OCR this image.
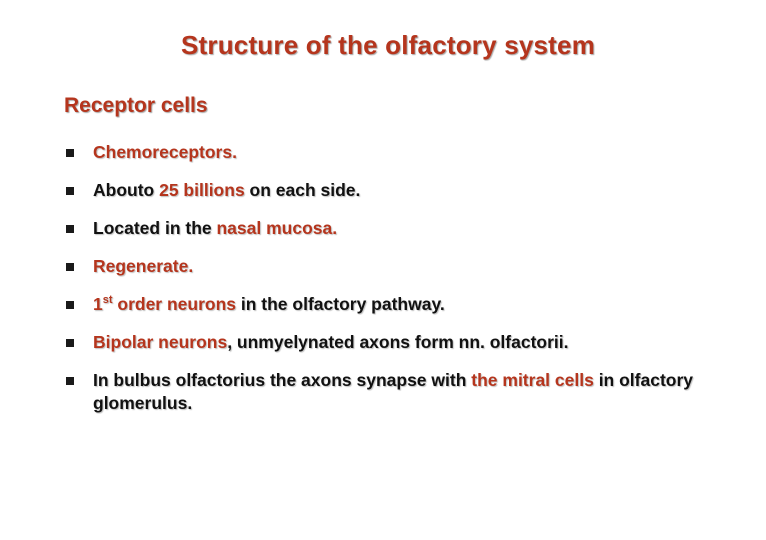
Structure of the olfactory system
Receptor cells
Chemoreceptors.
Abouto 25 billions on each side.
Located in the nasal mucosa.
Regenerate.
1st order neurons in the olfactory pathway.
Bipolar neurons, unmyelynated axons form nn. olfactorii.
In bulbus olfactorius the axons synapse with the mitral cells in olfactory glomerulus.
